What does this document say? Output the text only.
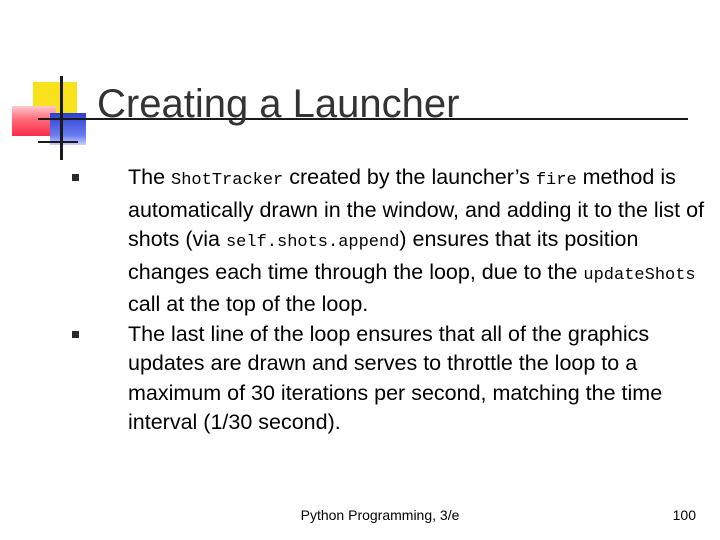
Creating a Launcher
The ShotTracker created by the launcher’s fire method is automatically drawn in the window, and adding it to the list of shots (via self.shots.append) ensures that its position changes each time through the loop, due to the updateShots call at the top of the loop.
The last line of the loop ensures that all of the graphics updates are drawn and serves to throttle the loop to a maximum of 30 iterations per second, matching the time interval (1/30 second).
Python Programming, 3/e	100
